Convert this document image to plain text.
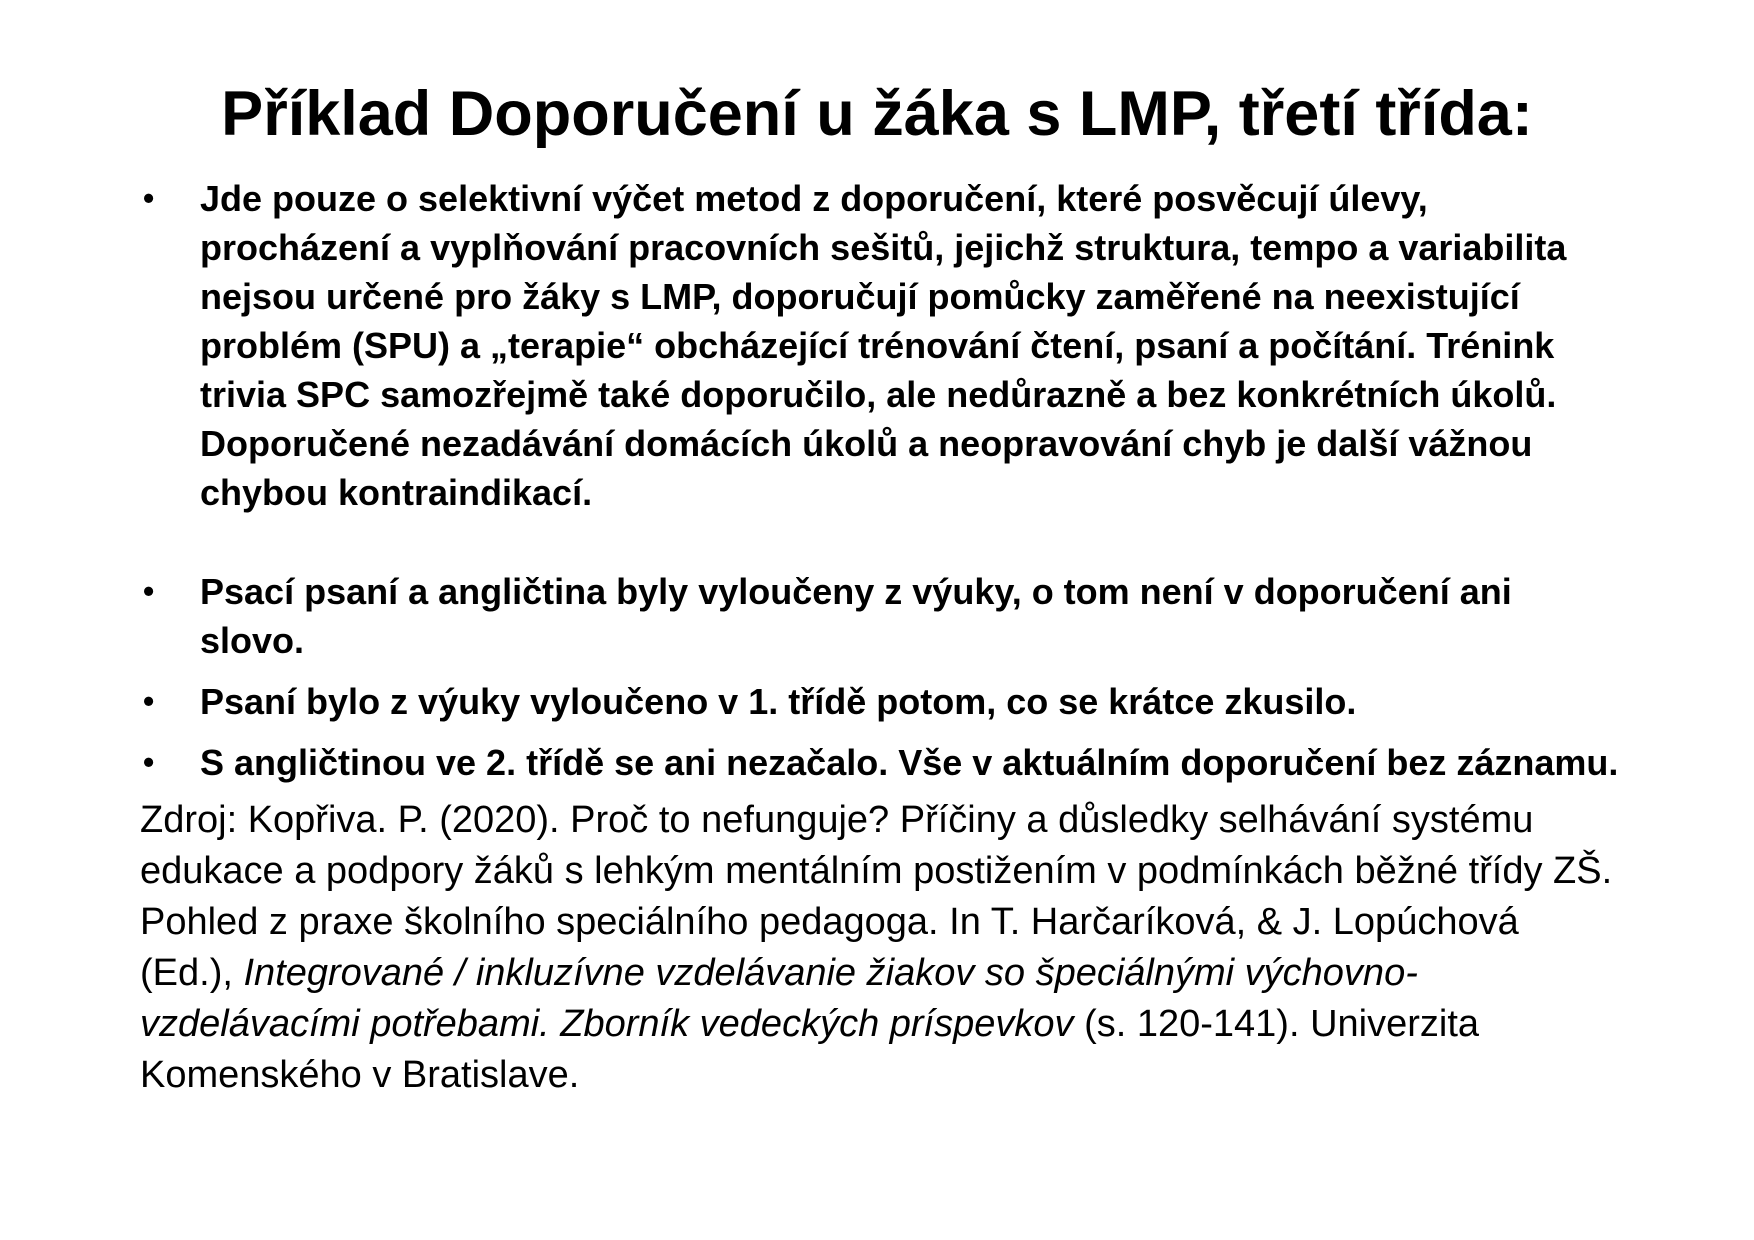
Příklad Doporučení u žáka s LMP, třetí třída:
• Jde pouze o selektivní výčet metod z doporučení, které posvěcují úlevy, procházení a vyplňování pracovních sešitů, jejichž struktura, tempo a variabilita nejsou určené pro žáky s LMP, doporučují pomůcky zaměřené na neexistující problém (SPU) a „terapie“ obcházející trénování čtení, psaní a počítání. Trénink trivia SPC samozřejmě také doporučilo, ale nedůrazně a bez konkrétních úkolů. Doporučené nezadávání domácích úkolů a neopravování chyb je další vážnou chybou kontraindikací.
• Psací psaní a angličtina byly vyloučeny z výuky, o tom není v doporučení ani slovo.
• Psaní bylo z výuky vyloučeno v 1. třídě potom, co se krátce zkusilo.
• S angličtinou ve 2. třídě se ani nezačalo. Vše v aktuálním doporučení bez záznamu.

Zdroj: Kopřiva. P. (2020). Proč to nefunguje? Příčiny a důsledky selhávání systému edukace a podpory žáků s lehkým mentálním postižením v podmínkách běžné třídy ZŠ. Pohled z praxe školního speciálního pedagoga. In T. Harčaríková, & J. Lopúchová (Ed.), Integrované / inkluzívne vzdelávanie žiakov so špeciálnými výchovno-vzdelávacími potřebami. Zborník vedeckých príspevkov (s. 120-141). Univerzita Komenského v Bratislave.
